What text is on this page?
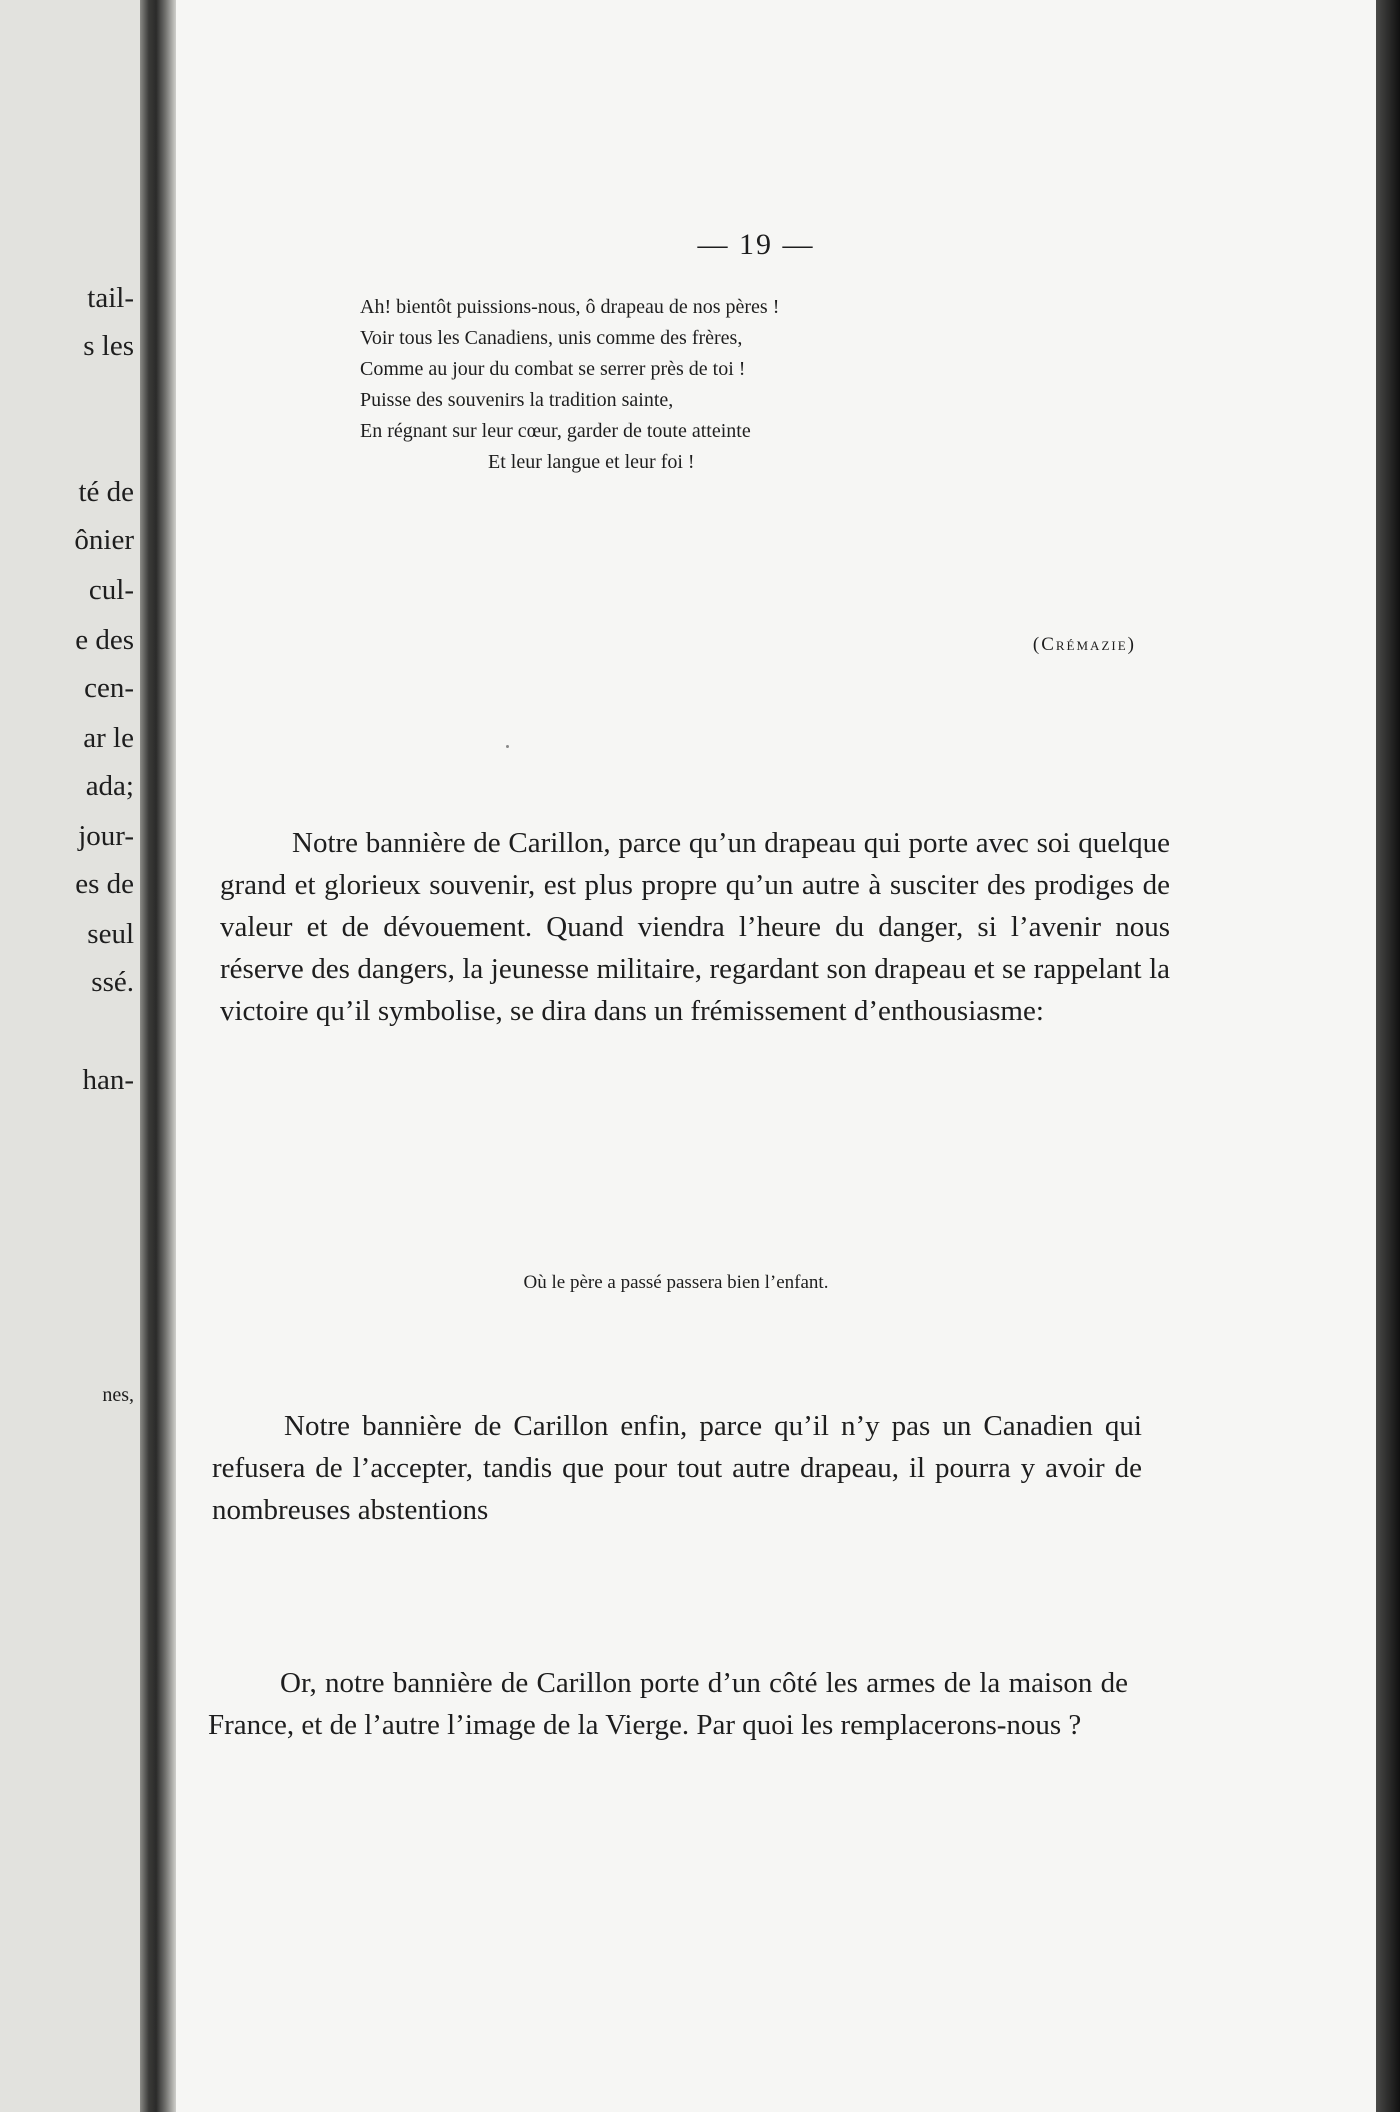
tail-
s les
té de
ônier
cul-
e des
cen-
ar le
ada;
jour-
es de
seul
ssé.
han-
nes,
— 19 —
Ah! bientôt puissions-nous, ô drapeau de nos pères !
Voir tous les Canadiens, unis comme des frères,
Comme au jour du combat se serrer près de toi !
Puisse des souvenirs la tradition sainte,
En régnant sur leur cœur, garder de toute atteinte
Et leur langue et leur foi !
(Crémazie)

Notre bannière de Carillon, parce qu’un drapeau qui porte avec soi quelque grand et glorieux souvenir, est plus propre qu’un autre à susciter des prodiges de valeur et de dévouement. Quand viendra l’heure du danger, si l’avenir nous réserve des dangers, la jeunesse militaire, regardant son drapeau et se rappelant la victoire qu’il symbolise, se dira dans un frémissement d’enthousiasme:

Où le père a passé passera bien l’enfant.

Notre bannière de Carillon enfin, parce qu’il n’y pas un Canadien qui refusera de l’accepter, tandis que pour tout autre drapeau, il pourra y avoir de nombreuses abstentions

Or, notre bannière de Carillon porte d’un côté les armes de la maison de France, et de l’autre l’image de la Vierge. Par quoi les remplacerons-nous ?
